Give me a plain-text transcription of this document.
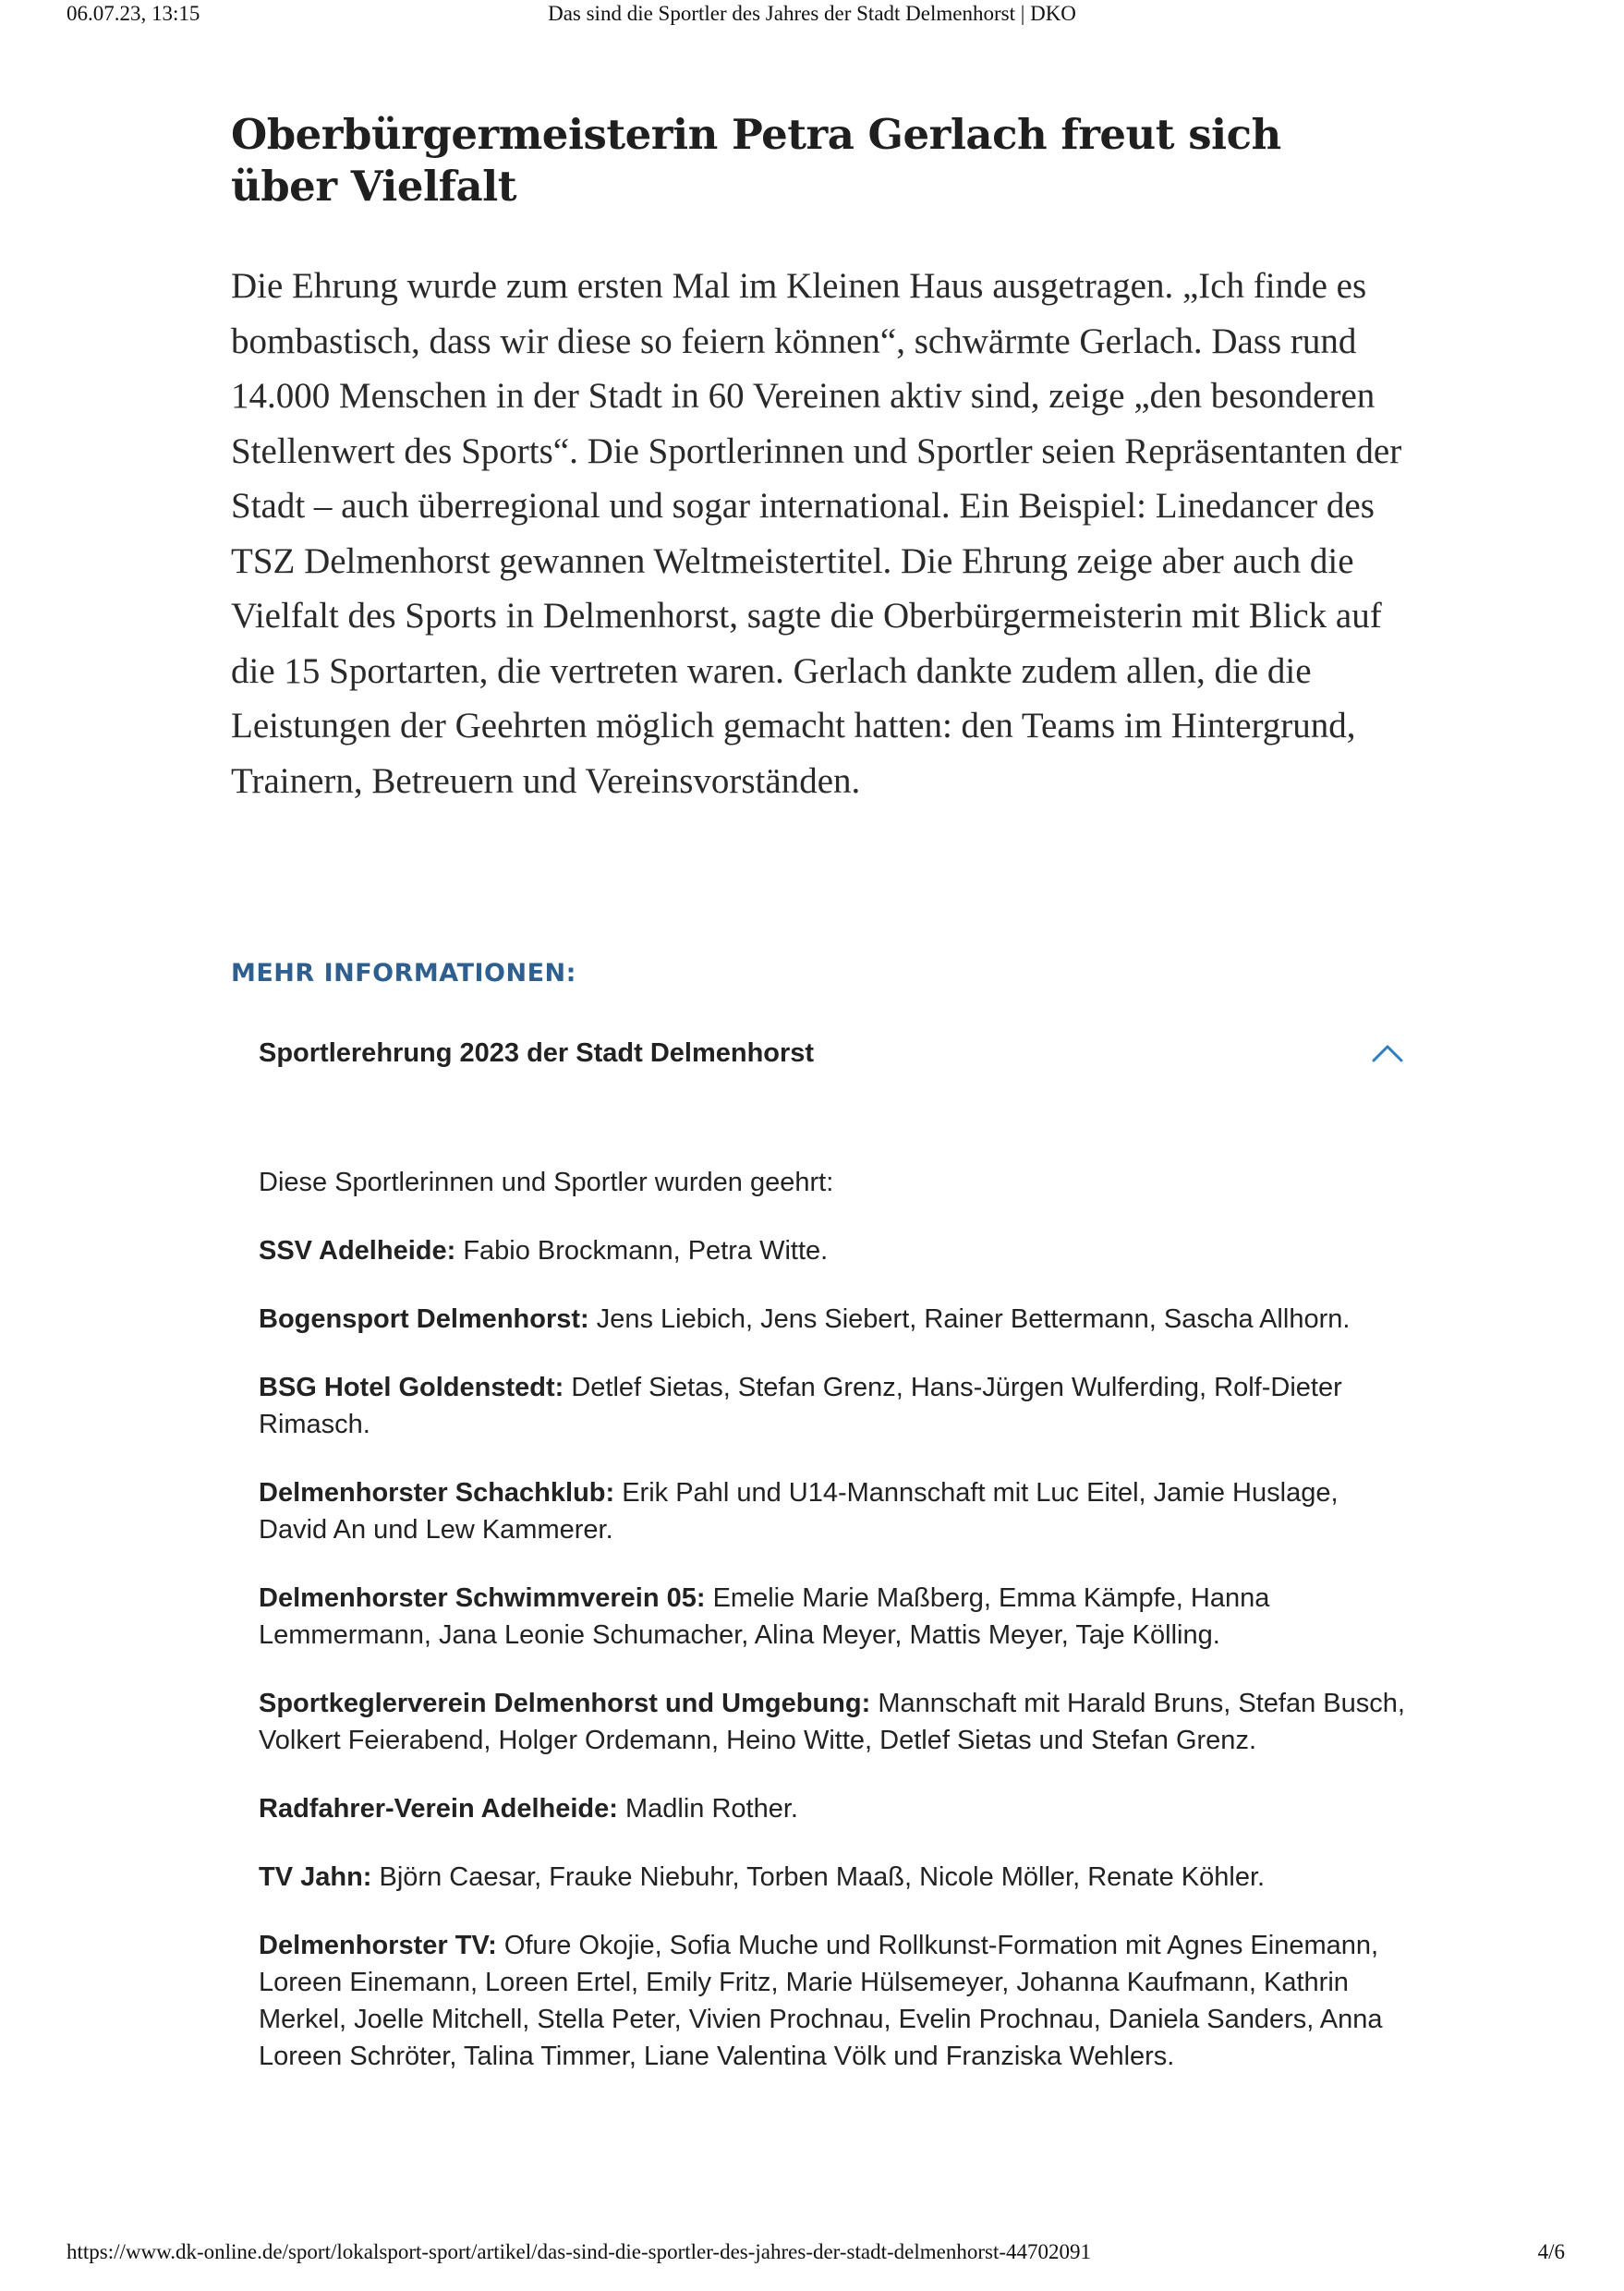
06.07.23, 13:15	Das sind die Sportler des Jahres der Stadt Delmenhorst | DKO
Oberbürgermeisterin Petra Gerlach freut sich über Vielfalt

Die Ehrung wurde zum ersten Mal im Kleinen Haus ausgetragen. „Ich finde es bombastisch, dass wir diese so feiern können“, schwärmte Gerlach. Dass rund 14.000 Menschen in der Stadt in 60 Vereinen aktiv sind, zeige „den besonderen Stellenwert des Sports“. Die Sportlerinnen und Sportler seien Repräsentanten der Stadt – auch überregional und sogar international. Ein Beispiel: Linedancer des TSZ Delmenhorst gewannen Weltmeistertitel. Die Ehrung zeige aber auch die Vielfalt des Sports in Delmenhorst, sagte die Oberbürgermeisterin mit Blick auf die 15 Sportarten, die vertreten waren. Gerlach dankte zudem allen, die die Leistungen der Geehrten möglich gemacht hatten: den Teams im Hintergrund, Trainern, Betreuern und Vereinsvorständen.

MEHR INFORMATIONEN:
Sportlerehrung 2023 der Stadt Delmenhorst

Diese Sportlerinnen und Sportler wurden geehrt:

SSV Adelheide: Fabio Brockmann, Petra Witte.

Bogensport Delmenhorst: Jens Liebich, Jens Siebert, Rainer Bettermann, Sascha Allhorn.

BSG Hotel Goldenstedt: Detlef Sietas, Stefan Grenz, Hans-Jürgen Wulferding, Rolf-Dieter Rimasch.

Delmenhorster Schachklub: Erik Pahl und U14-Mannschaft mit Luc Eitel, Jamie Huslage, David An und Lew Kammerer.

Delmenhorster Schwimmverein 05: Emelie Marie Maßberg, Emma Kämpfe, Hanna Lemmermann, Jana Leonie Schumacher, Alina Meyer, Mattis Meyer, Taje Kölling.

Sportkeglerverein Delmenhorst und Umgebung: Mannschaft mit Harald Bruns, Stefan Busch, Volkert Feierabend, Holger Ordemann, Heino Witte, Detlef Sietas und Stefan Grenz.

Radfahrer-Verein Adelheide: Madlin Rother.

TV Jahn: Björn Caesar, Frauke Niebuhr, Torben Maaß, Nicole Möller, Renate Köhler.

Delmenhorster TV: Ofure Okojie, Sofia Muche und Rollkunst-Formation mit Agnes Einemann, Loreen Einemann, Loreen Ertel, Emily Fritz, Marie Hülsemeyer, Johanna Kaufmann, Kathrin Merkel, Joelle Mitchell, Stella Peter, Vivien Prochnau, Evelin Prochnau, Daniela Sanders, Anna Loreen Schröter, Talina Timmer, Liane Valentina Völk und Franziska Wehlers.

https://www.dk-online.de/sport/lokalsport-sport/artikel/das-sind-die-sportler-des-jahres-der-stadt-delmenhorst-44702091	4/6
